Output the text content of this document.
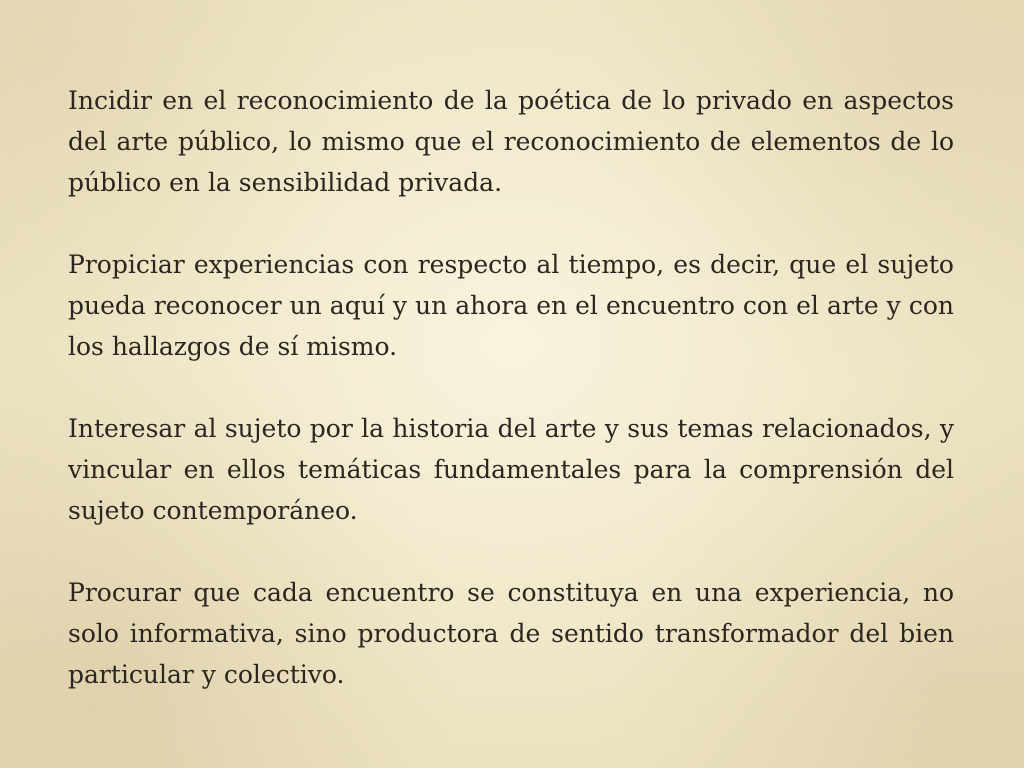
Incidir en el reconocimiento de la poética de lo privado en aspectos del arte público, lo mismo que el reconocimiento de elementos de lo público en la sensibilidad privada.

Propiciar experiencias con respecto al tiempo, es decir, que el sujeto pueda reconocer un aquí y un ahora en el encuentro con el arte y con los hallazgos de sí mismo.

Interesar al sujeto por la historia del arte y sus temas relacionados, y vincular en ellos temáticas fundamentales para la comprensión del sujeto contemporáneo.

Procurar que cada encuentro se constituya en una experiencia, no solo informativa, sino productora de sentido transformador del bien particular y colectivo.
